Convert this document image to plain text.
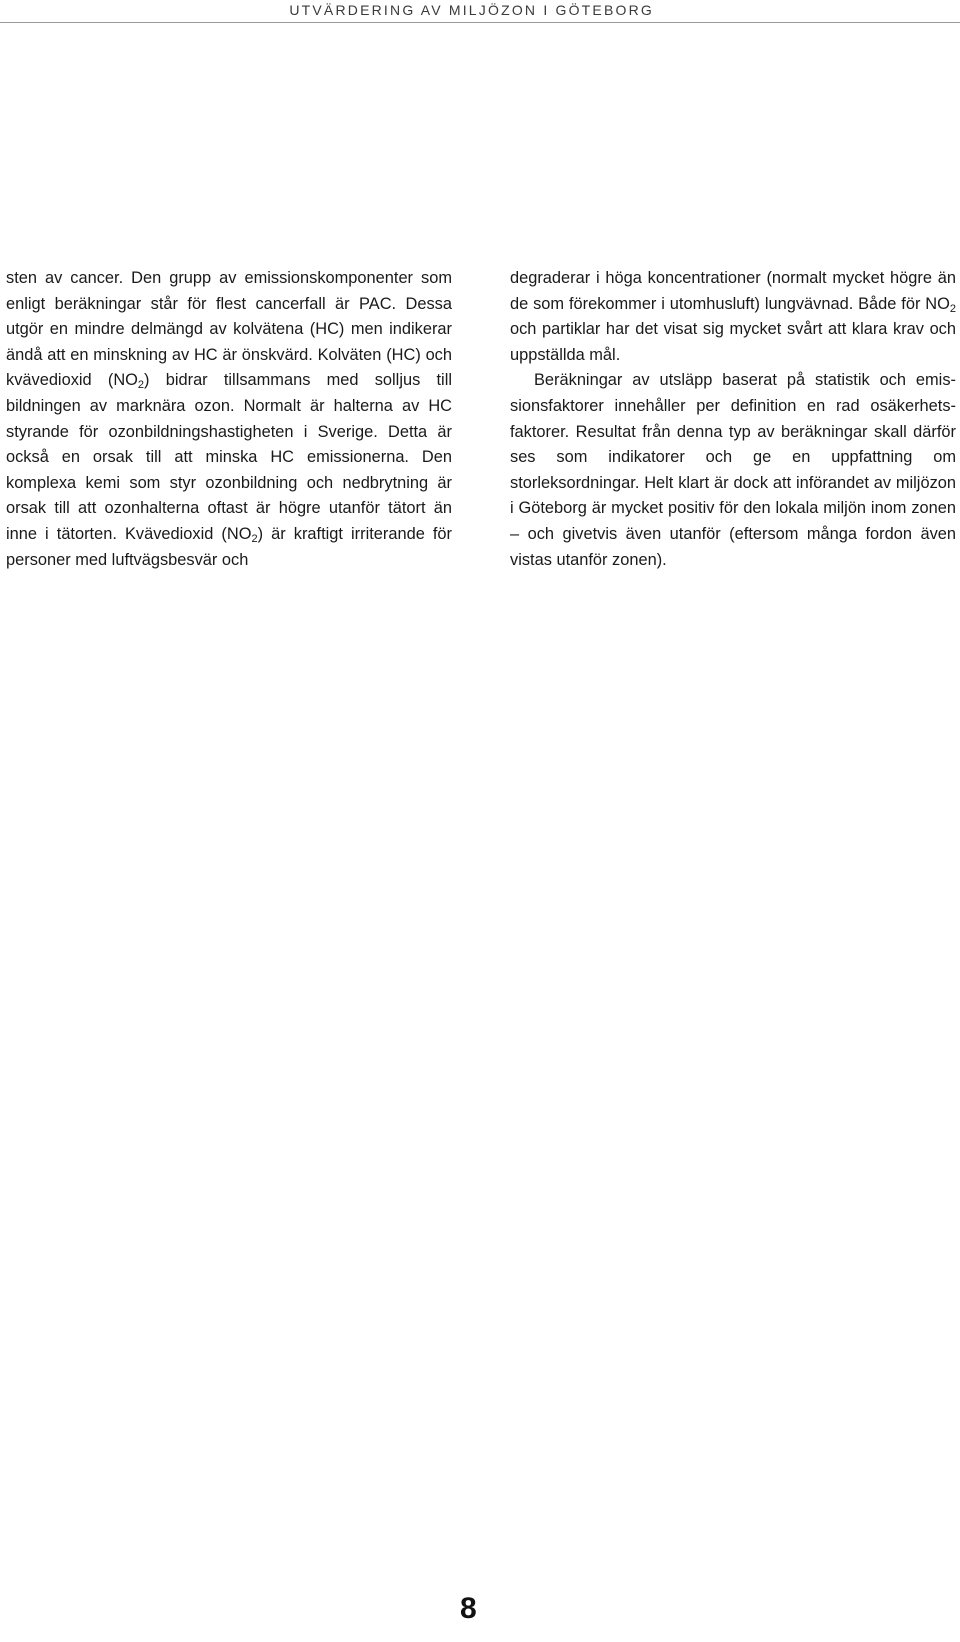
UTVÄRDERING AV MILJÖZON I GÖTEBORG

sten av cancer. Den grupp av emissionskomponenter som enligt beräkningar står för flest cancerfall är PAC. Dessa utgör en mindre delmängd av kolvätena (HC) men indikerar ändå att en minskning av HC är önskvärd. Kolväten (HC) och kvävedioxid $(NO_2)$ bidrar tillsammans med solljus till bildningen av marknära ozon. Normalt är halterna av HC styrande för ozonbildningshastigheten i Sverige. Detta är också en orsak till att minska HC emissionerna. Den komplexa kemi som styr ozonbildning och nedbrytning är orsak till att ozonhalterna oftast är högre utanför tätort än inne i tätorten. Kvävedioxid $(NO_2)$ är kraftigt irriterande för personer med luftvägsbesvär och

degraderar i höga koncentrationer (normalt mycket högre än de som förekommer i utomhusluft) lungvävnad. Både för $NO_2$ och partiklar har det visat sig mycket svårt att klara krav och uppställda mål.

Beräkningar av utsläpp baserat på statistik och emissionsfaktorer innehåller per definition en rad osäkerhetsfaktorer. Resultat från denna typ av beräkningar skall därför ses som indikatorer och ge en uppfattning om storleksordningar. Helt klart är dock att införandet av miljözon i Göteborg är mycket positiv för den lokala miljön inom zonen – och givetvis även utanför (eftersom många fordon även vistas utanför zonen).

8
